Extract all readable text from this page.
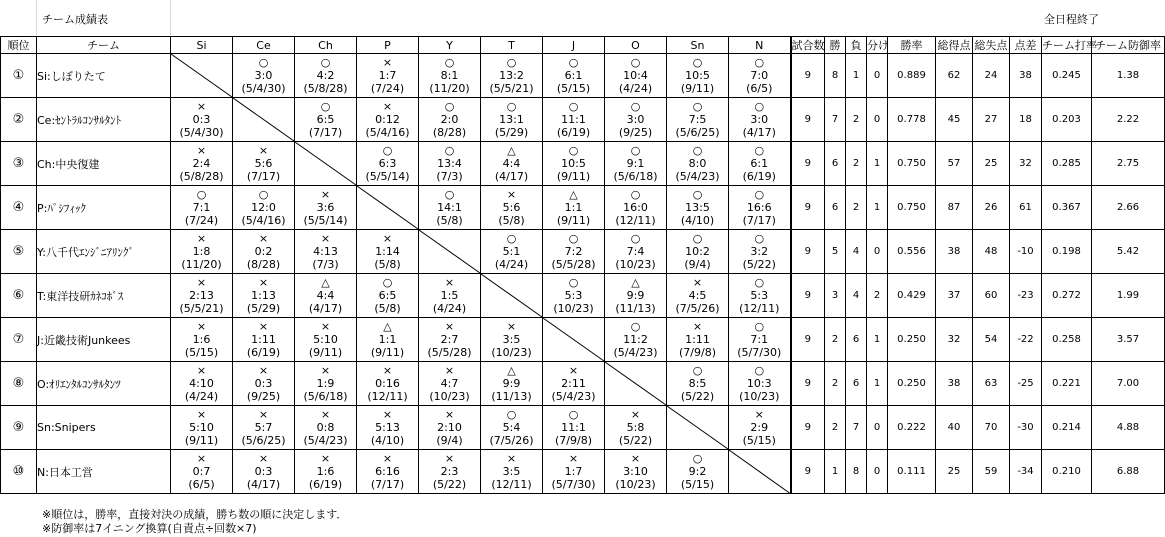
チーム成績表	全日程終了
順位	チーム	Si	Ce	Ch	P	Y	T	J	O	Sn	N	試合数	勝	負	分け	勝率	総得点	総失点	点差	チーム打率	チーム防御率
①	Si:しぼりたて		○
3:0
(5/4/30)	○
4:2
(5/8/28)	×
1:7
(7/24)	○
8:1
(11/20)	○
13:2
(5/5/21)	○
6:1
(5/15)	○
10:4
(4/24)	○
10:5
(9/11)	○
7:0
(6/5)	9	8	1	0	0.889	62	24	38	0.245	1.38
②	Ce:ｾﾝﾄﾗﾙｺﾝｻﾙﾀﾝﾄ	×
0:3
(5/4/30)		○
6:5
(7/17)	×
0:12
(5/4/16)	○
2:0
(8/28)	○
13:1
(5/29)	○
11:1
(6/19)	○
3:0
(9/25)	○
7:5
(5/6/25)	○
3:0
(4/17)	9	7	2	0	0.778	45	27	18	0.203	2.22
③	Ch:中央復建	×
2:4
(5/8/28)	×
5:6
(7/17)		○
6:3
(5/5/14)	○
13:4
(7/3)	△
4:4
(4/17)	○
10:5
(9/11)	○
9:1
(5/6/18)	○
8:0
(5/4/23)	○
6:1
(6/19)	9	6	2	1	0.750	57	25	32	0.285	2.75
④	P:ﾊﾟｼﾌｨｯｸ	○
7:1
(7/24)	○
12:0
(5/4/16)	×
3:6
(5/5/14)		○
14:1
(5/8)	×
5:6
(5/8)	△
1:1
(9/11)	○
16:0
(12/11)	○
13:5
(4/10)	○
16:6
(7/17)	9	6	2	1	0.750	87	26	61	0.367	2.66
⑤	Y:八千代ｴﾝｼﾞﾆｱﾘﾝｸﾞ	×
1:8
(11/20)	×
0:2
(8/28)	×
4:13
(7/3)	×
1:14
(5/8)		○
5:1
(4/24)	○
7:2
(5/5/28)	○
7:4
(10/23)	○
10:2
(9/4)	○
3:2
(5/22)	9	5	4	0	0.556	38	48	-10	0.198	5.42
⑥	T:東洋技研ｶﾈｺﾎﾞｽ	×
2:13
(5/5/21)	×
1:13
(5/29)	△
4:4
(4/17)	○
6:5
(5/8)	×
1:5
(4/24)		○
5:3
(10/23)	△
9:9
(11/13)	×
4:5
(7/5/26)	○
5:3
(12/11)	9	3	4	2	0.429	37	60	-23	0.272	1.99
⑦	J:近畿技術Junkees	×
1:6
(5/15)	×
1:11
(6/19)	×
5:10
(9/11)	△
1:1
(9/11)	×
2:7
(5/5/28)	×
3:5
(10/23)		○
11:2
(5/4/23)	×
1:11
(7/9/8)	○
7:1
(5/7/30)	9	2	6	1	0.250	32	54	-22	0.258	3.57
⑧	O:ｵﾘｴﾝﾀﾙｺﾝｻﾙﾀﾝﾂ	×
4:10
(4/24)	×
0:3
(9/25)	×
1:9
(5/6/18)	×
0:16
(12/11)	×
4:7
(10/23)	△
9:9
(11/13)	×
2:11
(5/4/23)		○
8:5
(5/22)	○
10:3
(10/23)	9	2	6	1	0.250	38	63	-25	0.221	7.00
⑨	Sn:Snipers	×
5:10
(9/11)	×
5:7
(5/6/25)	×
0:8
(5/4/23)	×
5:13
(4/10)	×
2:10
(9/4)	○
5:4
(7/5/26)	○
11:1
(7/9/8)	×
5:8
(5/22)		×
2:9
(5/15)	9	2	7	0	0.222	40	70	-30	0.214	4.88
⑩	N:日本工営	×
0:7
(6/5)	×
0:3
(4/17)	×
1:6
(6/19)	×
6:16
(7/17)	×
2:3
(5/22)	×
3:5
(12/11)	×
1:7
(5/7/30)	×
3:10
(10/23)	○
9:2
(5/15)		9	1	8	0	0.111	25	59	-34	0.210	6.88
※順位は，勝率，直接対決の成績，勝ち数の順に決定します．
※防御率は7イニング換算(自責点÷回数×7)
